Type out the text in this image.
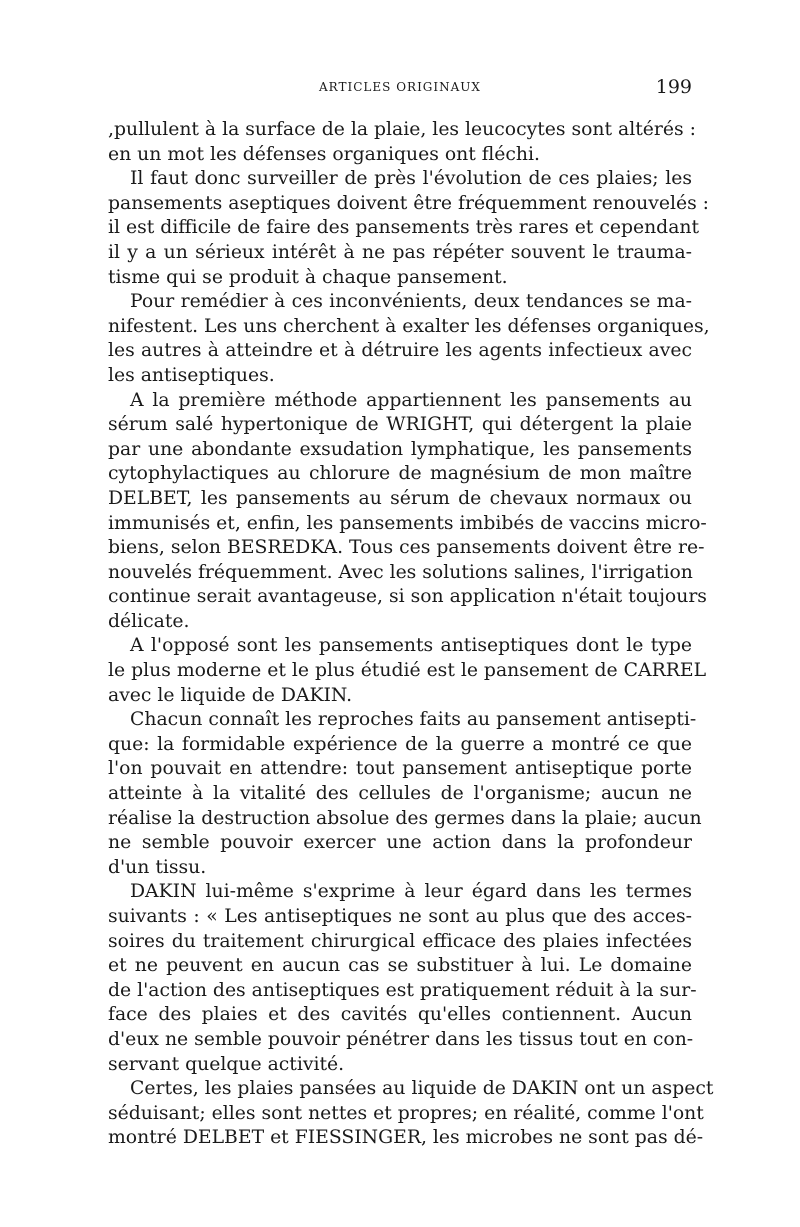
ARTICLES ORIGINAUX	199
,pullulent à la surface de la plaie, les leucocytes sont altérés :
en un mot les défenses organiques ont fléchi.
Il faut donc surveiller de près l'évolution de ces plaies; les
pansements aseptiques doivent être fréquemment renouvelés :
il est difficile de faire des pansements très rares et cependant
il y a un sérieux intérêt à ne pas répéter souvent le trauma-
tisme qui se produit à chaque pansement.
Pour remédier à ces inconvénients, deux tendances se ma-
nifestent. Les uns cherchent à exalter les défenses organiques,
les autres à atteindre et à détruire les agents infectieux avec
les antiseptiques.
A la première méthode appartiennent les pansements au
sérum salé hypertonique de WRIGHT, qui détergent la plaie
par une abondante exsudation lymphatique, les pansements
cytophylactiques au chlorure de magnésium de mon maître
DELBET, les pansements au sérum de chevaux normaux ou
immunisés et, enfin, les pansements imbibés de vaccins micro-
biens, selon BESREDKA. Tous ces pansements doivent être re-
nouvelés fréquemment. Avec les solutions salines, l'irrigation
continue serait avantageuse, si son application n'était toujours
délicate.
A l'opposé sont les pansements antiseptiques dont le type
le plus moderne et le plus étudié est le pansement de CARREL
avec le liquide de DAKIN.
Chacun connaît les reproches faits au pansement antisepti-
que: la formidable expérience de la guerre a montré ce que
l'on pouvait en attendre: tout pansement antiseptique porte
atteinte à la vitalité des cellules de l'organisme; aucun ne
réalise la destruction absolue des germes dans la plaie; aucun
ne semble pouvoir exercer une action dans la profondeur
d'un tissu.
DAKIN lui-même s'exprime à leur égard dans les termes
suivants : « Les antiseptiques ne sont au plus que des acces-
soires du traitement chirurgical efficace des plaies infectées
et ne peuvent en aucun cas se substituer à lui. Le domaine
de l'action des antiseptiques est pratiquement réduit à la sur-
face des plaies et des cavités qu'elles contiennent. Aucun
d'eux ne semble pouvoir pénétrer dans les tissus tout en con-
servant quelque activité.
Certes, les plaies pansées au liquide de DAKIN ont un aspect
séduisant; elles sont nettes et propres; en réalité, comme l'ont
montré DELBET et FIESSINGER, les microbes ne sont pas dé-
